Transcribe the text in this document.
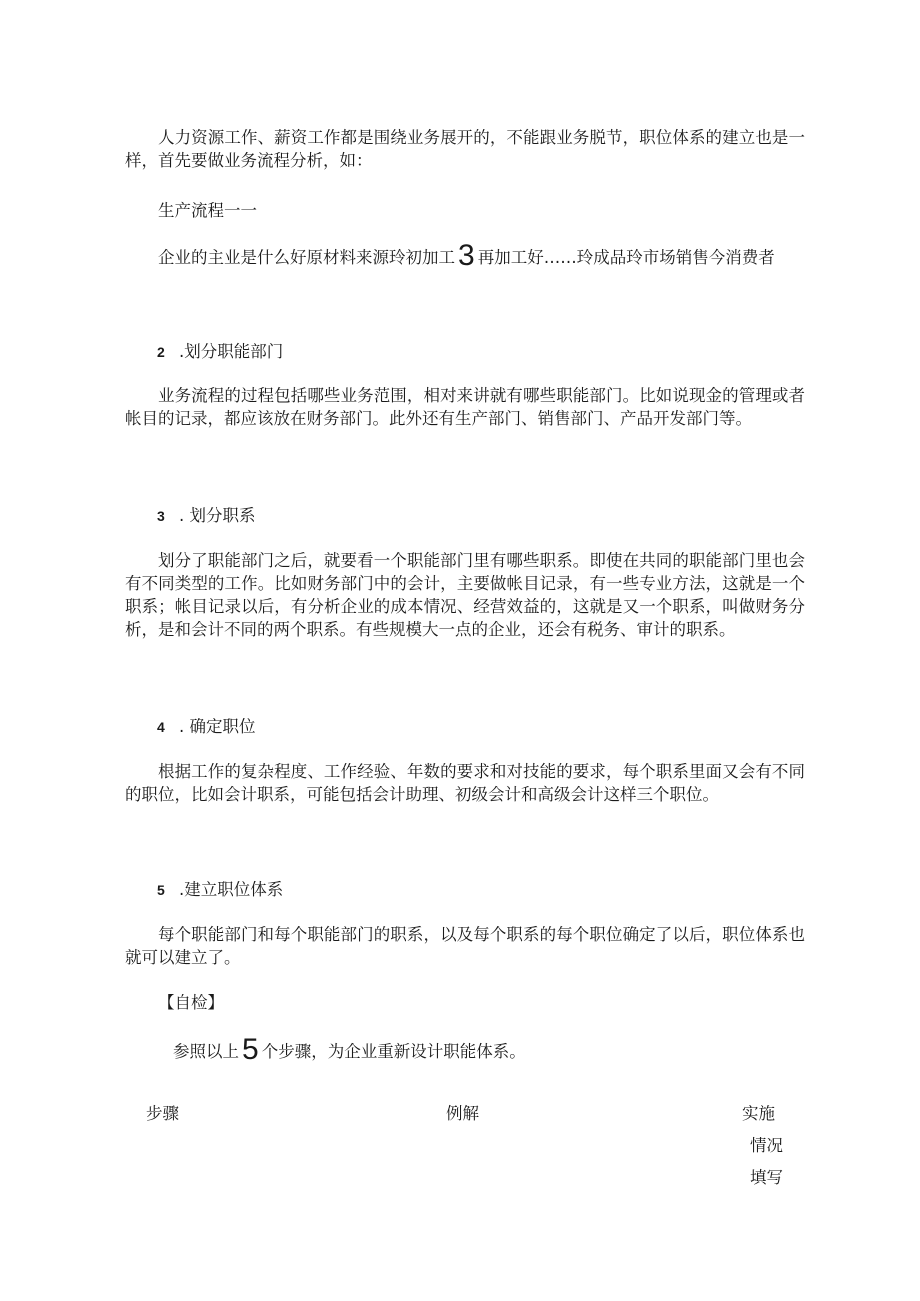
人力资源工作、薪资工作都是围绕业务展开的，不能跟业务脱节，职位体系的建立也是一样，首先要做业务流程分析，如：

生产流程一一

企业的主业是什么好原材料来源玲初加工 3 再加工好……玲成品玲市场销售今消费者

2 .划分职能部门

业务流程的过程包括哪些业务范围，相对来讲就有哪些职能部门。比如说现金的管理或者帐目的记录，都应该放在财务部门。此外还有生产部门、销售部门、产品开发部门等。

3 . 划分职系

划分了职能部门之后，就要看一个职能部门里有哪些职系。即使在共同的职能部门里也会有不同类型的工作。比如财务部门中的会计，主要做帐目记录，有一些专业方法，这就是一个职系；帐目记录以后，有分析企业的成本情况、经营效益的，这就是又一个职系，叫做财务分析，是和会计不同的两个职系。有些规模大一点的企业，还会有税务、审计的职系。

4 . 确定职位

根据工作的复杂程度、工作经验、年数的要求和对技能的要求，每个职系里面又会有不同的职位，比如会计职系，可能包括会计助理、初级会计和高级会计这样三个职位。

5 .建立职位体系

每个职能部门和每个职能部门的职系，以及每个职系的每个职位确定了以后，职位体系也就可以建立了。

【自检】

参照以上 5 个步骤，为企业重新设计职能体系。

步骤	例解	实施

情况

填写
